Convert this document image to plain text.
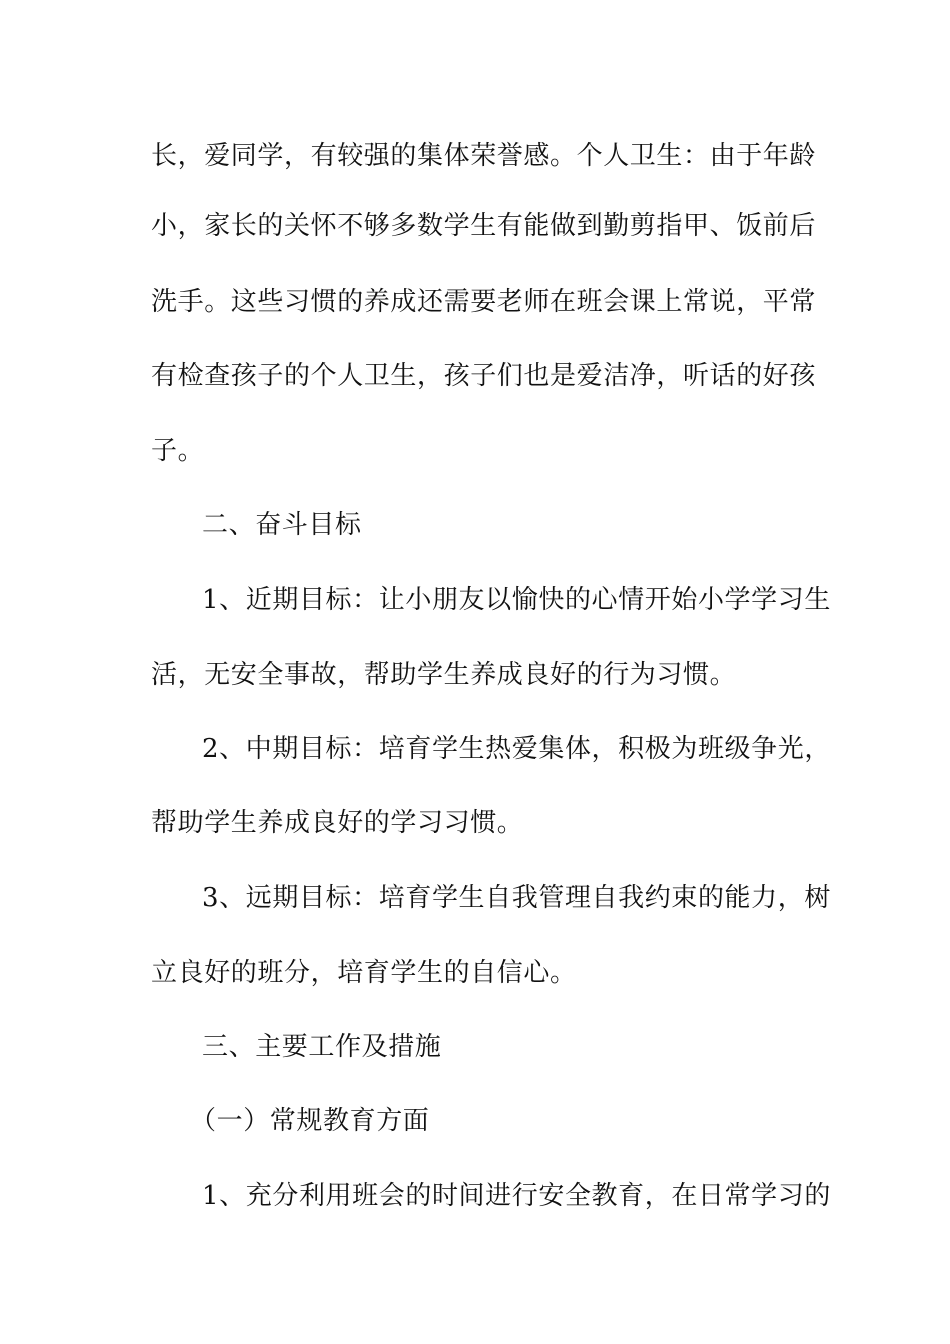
长，爱同学，有较强的集体荣誉感。个人卫生：由于年龄
小，家长的关怀不够多数学生有能做到勤剪指甲、饭前后
洗手。这些习惯的养成还需要老师在班会课上常说，平常
有检查孩子的个人卫生，孩子们也是爱洁净，听话的好孩
子。
二、奋斗目标
1、近期目标：让小朋友以愉快的心情开始小学学习生
活，无安全事故，帮助学生养成良好的行为习惯。
2、中期目标：培育学生热爱集体，积极为班级争光，
帮助学生养成良好的学习习惯。
3、远期目标：培育学生自我管理自我约束的能力，树
立良好的班分，培育学生的自信心。
三、主要工作及措施
（一）常规教育方面
1、充分利用班会的时间进行安全教育，在日常学习的
